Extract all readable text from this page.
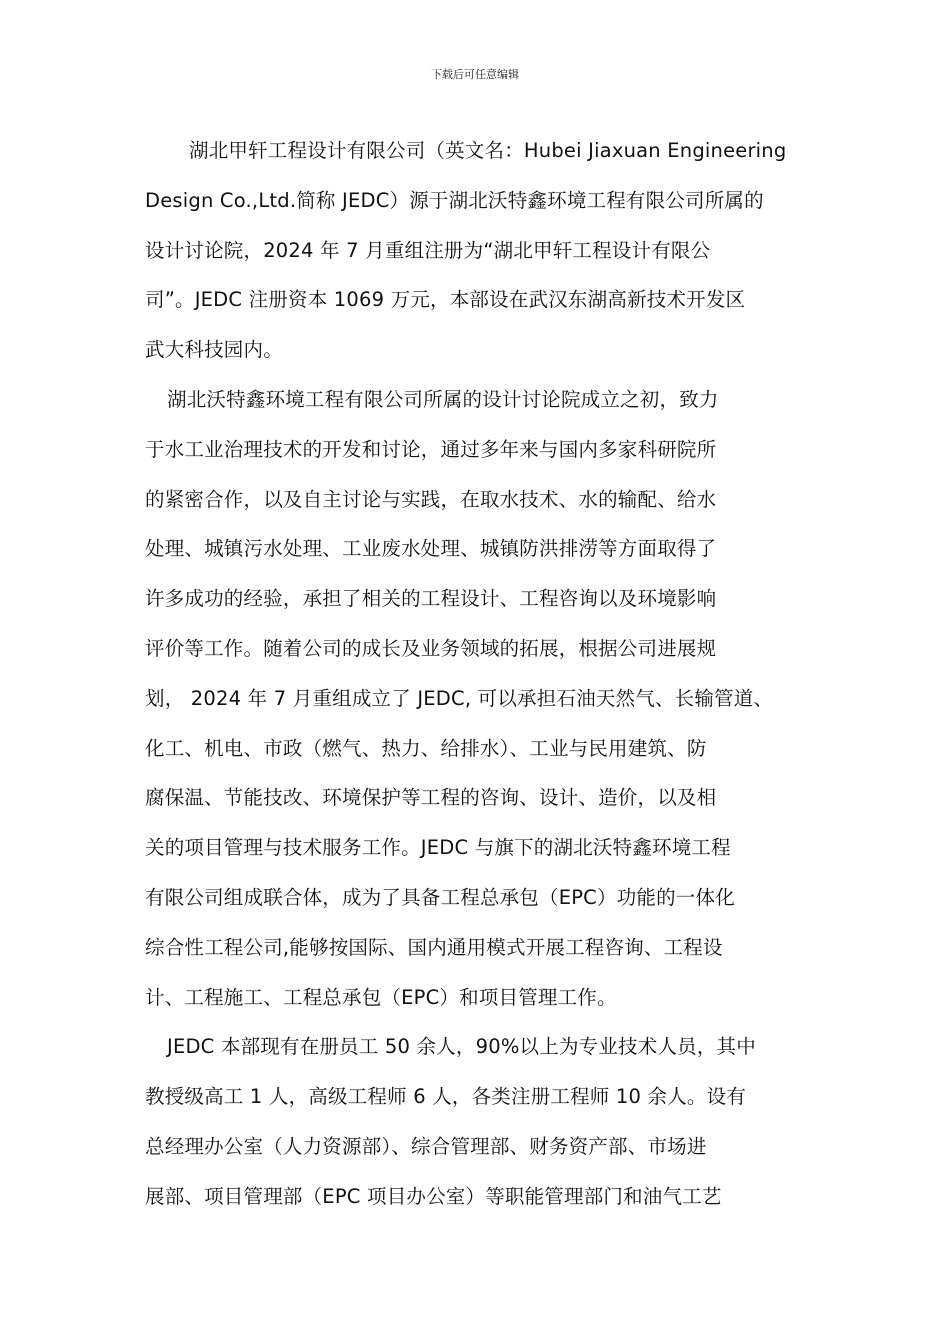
下载后可任意编辑
湖北甲轩工程设计有限公司（英文名：Hubei Jiaxuan Engineering
Design Co.,Ltd.简称 JEDC）源于湖北沃特鑫环境工程有限公司所属的
设计讨论院，2024 年 7 月重组注册为“湖北甲轩工程设计有限公
司”。JEDC 注册资本 1069 万元，本部设在武汉东湖高新技术开发区
武大科技园内。
湖北沃特鑫环境工程有限公司所属的设计讨论院成立之初，致力
于水工业治理技术的开发和讨论，通过多年来与国内多家科研院所
的紧密合作，以及自主讨论与实践，在取水技术、水的输配、给水
处理、城镇污水处理、工业废水处理、城镇防洪排涝等方面取得了
许多成功的经验，承担了相关的工程设计、工程咨询以及环境影响
评价等工作。随着公司的成长及业务领域的拓展，根据公司进展规
划， 2024 年 7 月重组成立了 JEDC, 可以承担石油天然气、长输管道、
化工、机电、市政（燃气、热力、给排水）、工业与民用建筑、防
腐保温、节能技改、环境保护等工程的咨询、设计、造价，以及相
关的项目管理与技术服务工作。JEDC 与旗下的湖北沃特鑫环境工程
有限公司组成联合体，成为了具备工程总承包（EPC）功能的一体化
综合性工程公司,能够按国际、国内通用模式开展工程咨询、工程设
计、工程施工、工程总承包（EPC）和项目管理工作。
JEDC 本部现有在册员工 50 余人，90%以上为专业技术人员，其中
教授级高工 1 人，高级工程师 6 人，各类注册工程师 10 余人。设有
总经理办公室（人力资源部）、综合管理部、财务资产部、市场进
展部、项目管理部（EPC 项目办公室）等职能管理部门和油气工艺
